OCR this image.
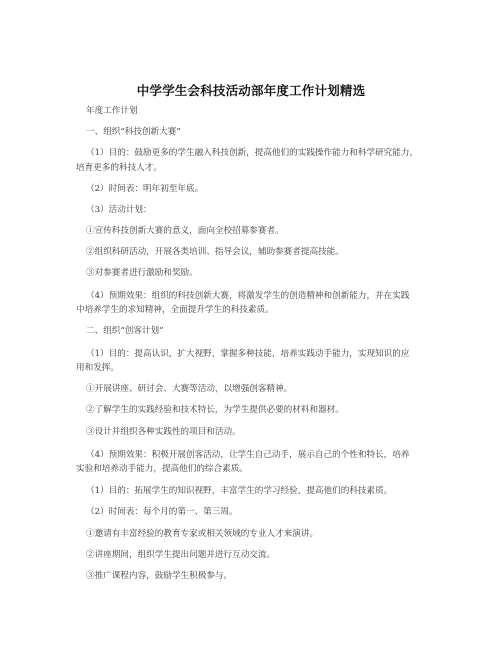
中学学生会科技活动部年度工作计划精选
年度工作计划
一、组织“科技创新大赛”
（1）目的：鼓励更多的学生融入科技创新，提高他们的实践操作能力和科学研究能力，
培育更多的科技人才。
（2）时间表：明年初至年底。
（3）活动计划：
①宣传科技创新大赛的意义，面向全校招募参赛者。
②组织科研活动，开展各类培训、指导会议，辅助参赛者提高技能。
③对参赛者进行激励和奖励。
（4）预期效果：组织的科技创新大赛，将激发学生的创造精神和创新能力，并在实践
中培养学生的求知精神，全面提升学生的科技素质。
二、组织“创客计划”
（1）目的：提高认识，扩大视野，掌握多种技能，培养实践动手能力，实现知识的应
用和发挥。
①开展讲座、研讨会、大赛等活动，以增强创客精神。
②了解学生的实践经验和技术特长，为学生提供必要的材料和器材。
③设计并组织各种实践性的项目和活动。
（4）预期效果：积极开展创客活动，让学生自己动手，展示自己的个性和特长，培养
实验和培养动手能力，提高他们的综合素质。
（1）目的：拓展学生的知识视野，丰富学生的学习经验，提高他们的科技素质。
（2）时间表：每个月的第一、第三周。
①邀请有丰富经验的教育专家或相关领域的专业人才来演讲。
②讲座期间，组织学生提出问题并进行互动交流。
③推广课程内容，鼓励学生积极参与。
